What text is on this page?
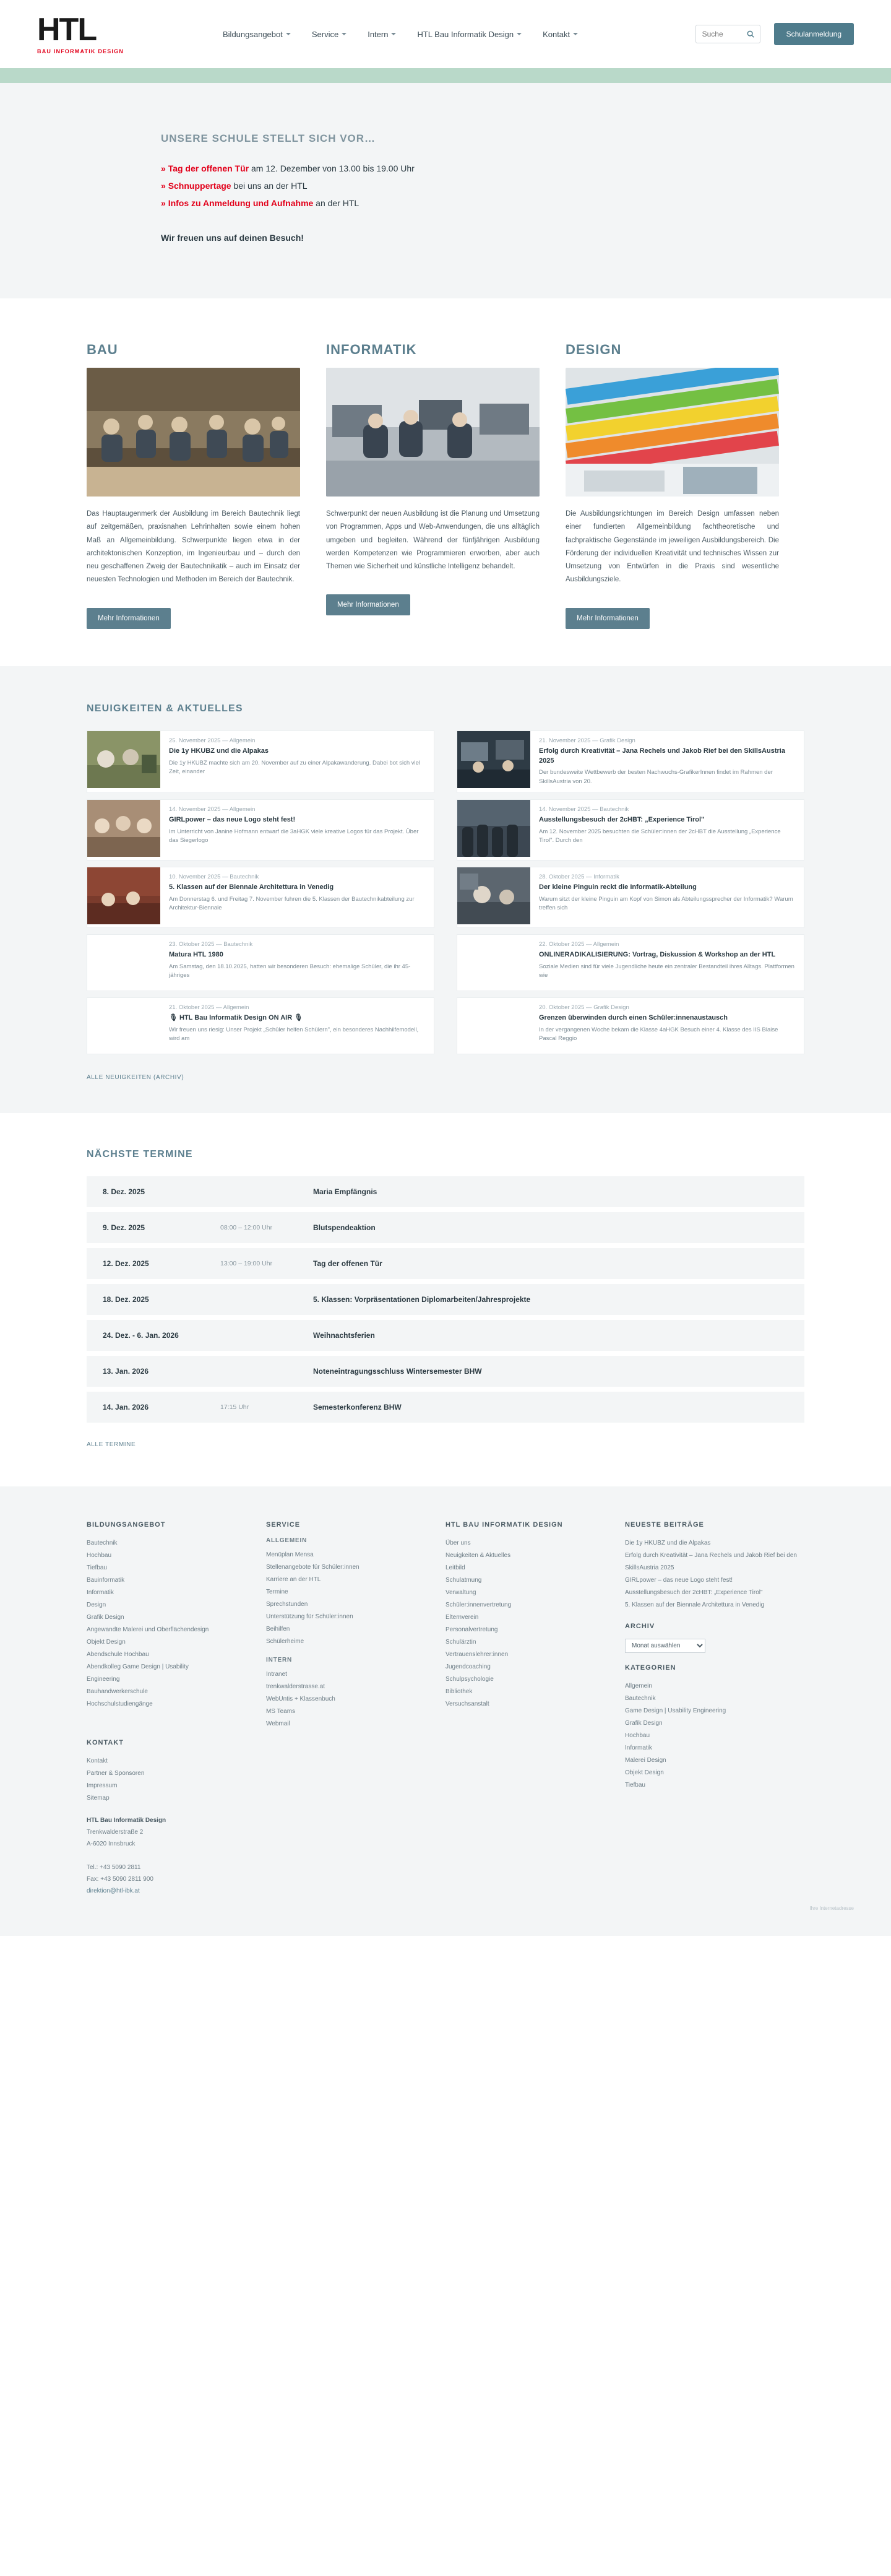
HTL
BAU INFORMATIK DESIGN
Bildungsangebot	Service	Intern	HTL Bau Informatik Design	Kontakt
Suche	Schulanmeldung
UNSERE SCHULE STELLT SICH VOR…
» Tag der offenen Tür am 12. Dezember von 13.00 bis 19.00 Uhr
» Schnuppertage bei uns an der HTL
» Infos zu Anmeldung und Aufnahme an der HTL
Wir freuen uns auf deinen Besuch!
BAU
Das Hauptaugenmerk der Ausbildung im Bereich Bautechnik liegt auf zeitgemäßen, praxisnahen Lehrinhalten sowie einem hohen Maß an Allgemeinbildung. Schwerpunkte liegen etwa in der architektonischen Konzeption, im Ingenieurbau und – durch den neu geschaffenen Zweig der Bautechnikatik – auch im Einsatz der neuesten Technologien und Methoden im Bereich der Bautechnik.
Mehr Informationen
INFORMATIK
Schwerpunkt der neuen Ausbildung ist die Planung und Umsetzung von Programmen, Apps und Web-Anwendungen, die uns alltäglich umgeben und begleiten. Während der fünfjährigen Ausbildung werden Kompetenzen wie Programmieren erworben, aber auch Themen wie Sicherheit und künstliche Intelligenz behandelt.
Mehr Informationen
DESIGN
Die Ausbildungsrichtungen im Bereich Design umfassen neben einer fundierten Allgemeinbildung fachtheoretische und fachpraktische Gegenstände im jeweiligen Ausbildungsbereich. Die Förderung der individuellen Kreativität und technisches Wissen zur Umsetzung von Entwürfen in die Praxis sind wesentliche Ausbildungsziele.
Mehr Informationen
NEUIGKEITEN & AKTUELLES
25. November 2025 — Allgemein
Die 1y HKUBZ und die Alpakas
Die 1y HKUBZ machte sich am 20. November auf zu einer Alpakawanderung. Dabei bot sich viel Zeit, einander
21. November 2025 — Grafik Design
Erfolg durch Kreativität – Jana Rechels und Jakob Rief bei den SkillsAustria 2025
Der bundesweite Wettbewerb der besten Nachwuchs-GrafikerInnen findet im Rahmen der SkillsAustria von 20.
14. November 2025 — Allgemein
GIRLpower – das neue Logo steht fest!
Im Unterricht von Janine Hofmann entwarf die 3aHGK viele kreative Logos für das Projekt. Über das Siegerlogo
14. November 2025 — Bautechnik
Ausstellungsbesuch der 2cHBT: „Experience Tirol"
Am 12. November 2025 besuchten die Schüler:innen der 2cHBT die Ausstellung „Experience Tirol". Durch den
10. November 2025 — Bautechnik
5. Klassen auf der Biennale Architettura in Venedig
Am Donnerstag 6. und Freitag 7. November fuhren die 5. Klassen der Bautechnikabteilung zur Architektur-Biennale
28. Oktober 2025 — Informatik
Der kleine Pinguin reckt die Informatik-Abteilung
Warum sitzt der kleine Pinguin am Kopf von Simon als Abteilungssprecher der Informatik? Warum treffen sich
23. Oktober 2025 — Bautechnik
Matura HTL 1980
Am Samstag, den 18.10.2025, hatten wir besonderen Besuch: ehemalige Schüler, die ihr 45-jähriges
22. Oktober 2025 — Allgemein
ONLINERADIKALISIERUNG: Vortrag, Diskussion & Workshop an der HTL
Soziale Medien sind für viele Jugendliche heute ein zentraler Bestandteil ihres Alltags. Plattformen wie
21. Oktober 2025 — Allgemein
🎙 HTL Bau Informatik Design ON AIR 🎙
Wir freuen uns riesig: Unser Projekt „Schüler helfen Schülern", ein besonderes Nachhilfemodell, wird am
20. Oktober 2025 — Grafik Design
Grenzen überwinden durch einen Schüler:innenaustausch
In der vergangenen Woche bekam die Klasse 4aHGK Besuch einer 4. Klasse des IIS Blaise Pascal Reggio
ALLE NEUIGKEITEN (ARCHIV)
NÄCHSTE TERMINE
8. Dez. 2025	Maria Empfängnis
9. Dez. 2025	08:00 – 12:00 Uhr	Blutspendeaktion
12. Dez. 2025	13:00 – 19:00 Uhr	Tag der offenen Tür
18. Dez. 2025	5. Klassen: Vorpräsentationen Diplomarbeiten/Jahresprojekte
24. Dez. - 6. Jan. 2026	Weihnachtsferien
13. Jan. 2026	Noteneintragungsschluss Wintersemester BHW
14. Jan. 2026	17:15 Uhr	Semesterkonferenz BHW
ALLE TERMINE
BILDUNGSANGEBOT
Bautechnik
Hochbau
Tiefbau
Bauinformatik
Informatik
Design
Grafik Design
Angewandte Malerei und Oberflächendesign
Objekt Design
Abendschule Hochbau
Abendkolleg Game Design | Usability
Engineering
Bauhandwerkerschule
Hochschulstudiengänge
KONTAKT
Kontakt
Partner & Sponsoren
Impressum
Sitemap
HTL Bau Informatik Design
Trenkwalderstraße 2
A-6020 Innsbruck

Tel.: +43 5090 2811
Fax: +43 5090 2811 900
direktion@htl-ibk.at
SERVICE
ALLGEMEIN
Menüplan Mensa
Stellenangebote für Schüler:innen
Karriere an der HTL
Termine
Sprechstunden
Unterstützung für Schüler:innen
Beihilfen
Schülerheime
INTERN
Intranet
trenkwalderstrasse.at
WebUntis + Klassenbuch
MS Teams
Webmail
HTL BAU INFORMATIK DESIGN
Über uns
Neuigkeiten & Aktuelles
Leitbild
Schulatmung
Verwaltung
Schüler:innenvertretung
Elternverein
Personalvertretung
Schulärztin
Vertrauenslehrer:innen
Jugendcoaching
Schulpsychologie
Bibliothek
Versuchsanstalt
NEUESTE BEITRÄGE
Die 1y HKUBZ und die Alpakas
Erfolg durch Kreativität – Jana Rechels und Jakob Rief bei den SkillsAustria 2025
GIRLpower – das neue Logo steht fest!
Ausstellungsbesuch der 2cHBT: „Experience Tirol"
5. Klassen auf der Biennale Architettura in Venedig
ARCHIV
Monat auswählen
KATEGORIEN
Allgemein
Bautechnik
Game Design | Usability Engineering
Grafik Design
Hochbau
Informatik
Malerei Design
Objekt Design
Tiefbau
Ihre Internetadresse
